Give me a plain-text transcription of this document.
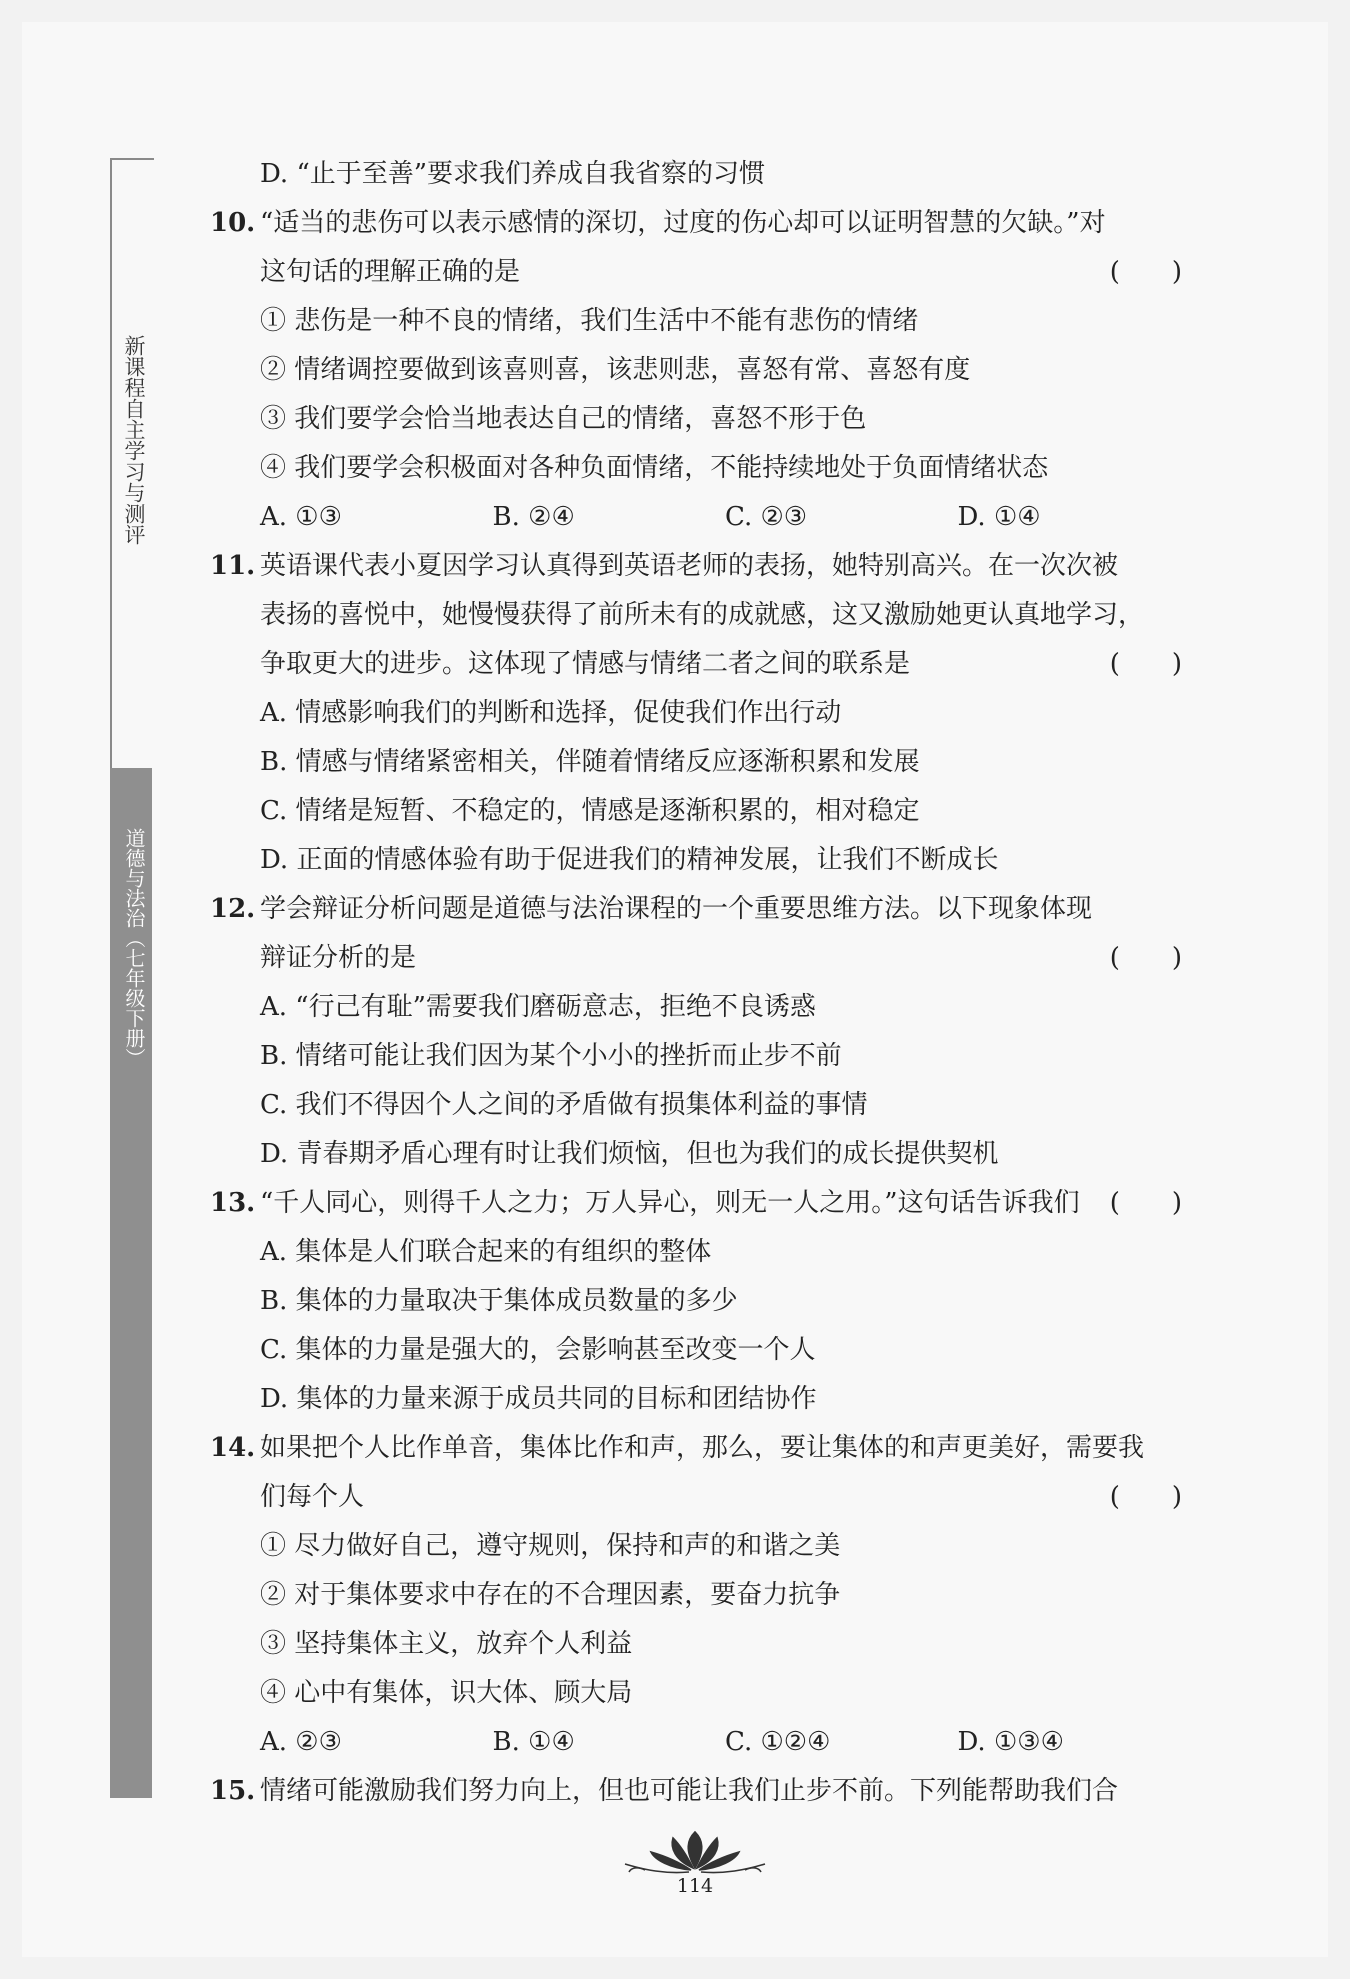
新课程自主学习与测评
道德与法治（七年级下册）
D. “止于至善”要求我们养成自我省察的习惯
10. “适当的悲伤可以表示感情的深切，过度的伤心却可以证明智慧的欠缺。”对
这句话的理解正确的是	(　　)
① 悲伤是一种不良的情绪，我们生活中不能有悲伤的情绪
② 情绪调控要做到该喜则喜，该悲则悲，喜怒有常、喜怒有度
③ 我们要学会恰当地表达自己的情绪，喜怒不形于色
④ 我们要学会积极面对各种负面情绪，不能持续地处于负面情绪状态
A. ①③	B. ②④	C. ②③	D. ①④
11. 英语课代表小夏因学习认真得到英语老师的表扬，她特别高兴。在一次次被
表扬的喜悦中，她慢慢获得了前所未有的成就感，这又激励她更认真地学习，
争取更大的进步。这体现了情感与情绪二者之间的联系是	(　　)
A. 情感影响我们的判断和选择，促使我们作出行动
B. 情感与情绪紧密相关，伴随着情绪反应逐渐积累和发展
C. 情绪是短暂、不稳定的，情感是逐渐积累的，相对稳定
D. 正面的情感体验有助于促进我们的精神发展，让我们不断成长
12. 学会辩证分析问题是道德与法治课程的一个重要思维方法。以下现象体现
辩证分析的是	(　　)
A. “行己有耻”需要我们磨砺意志，拒绝不良诱惑
B. 情绪可能让我们因为某个小小的挫折而止步不前
C. 我们不得因个人之间的矛盾做有损集体利益的事情
D. 青春期矛盾心理有时让我们烦恼，但也为我们的成长提供契机
13. “千人同心，则得千人之力；万人异心，则无一人之用。”这句话告诉我们 (　　)
A. 集体是人们联合起来的有组织的整体
B. 集体的力量取决于集体成员数量的多少
C. 集体的力量是强大的，会影响甚至改变一个人
D. 集体的力量来源于成员共同的目标和团结协作
14. 如果把个人比作单音，集体比作和声，那么，要让集体的和声更美好，需要我
们每个人	(　　)
① 尽力做好自己，遵守规则，保持和声的和谐之美
② 对于集体要求中存在的不合理因素，要奋力抗争
③ 坚持集体主义，放弃个人利益
④ 心中有集体，识大体、顾大局
A. ②③	B. ①④	C. ①②④	D. ①③④
15. 情绪可能激励我们努力向上，但也可能让我们止步不前。下列能帮助我们合
114
